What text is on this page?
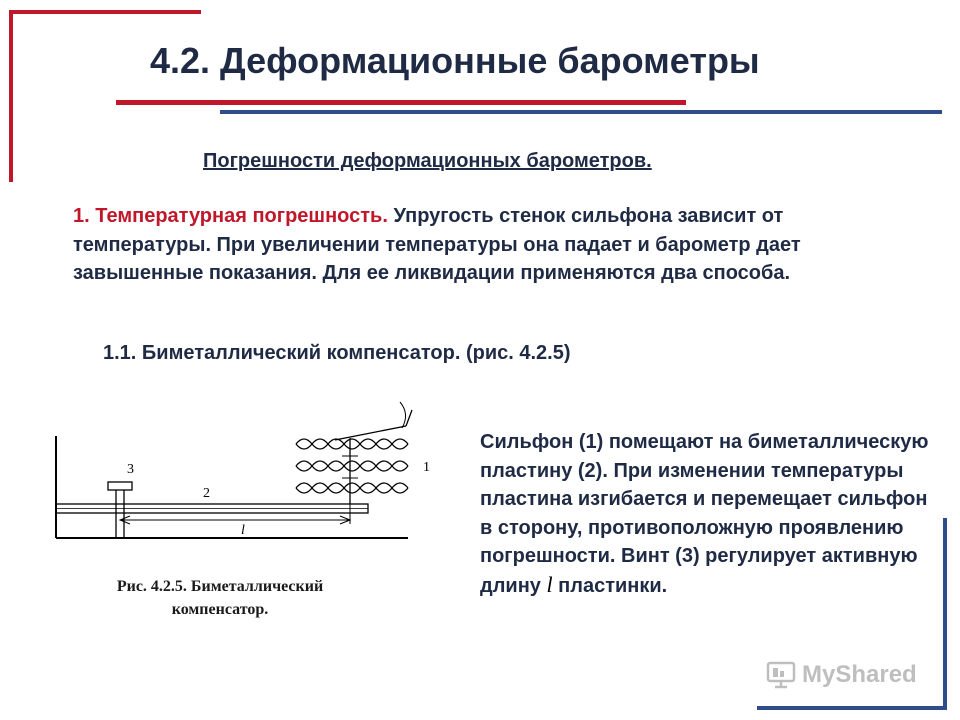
4.2. Деформационные барометры
Погрешности деформационных барометров.
1. Температурная погрешность. Упругость стенок сильфона зависит от температуры. При увеличении температуры она падает и барометр дает завышенные показания. Для ее ликвидации применяются два способа.
1.1. Биметаллический компенсатор. (рис. 4.2.5)
3
2
1
l
Рис. 4.2.5. Биметаллический
компенсатор.
Сильфон (1) помещают на биметаллическую пластину (2). При изменении температуры пластина изгибается и перемещает сильфон в сторону, противоположную проявлению погрешности. Винт (3) регулирует активную длину l пластинки.
MyShared
